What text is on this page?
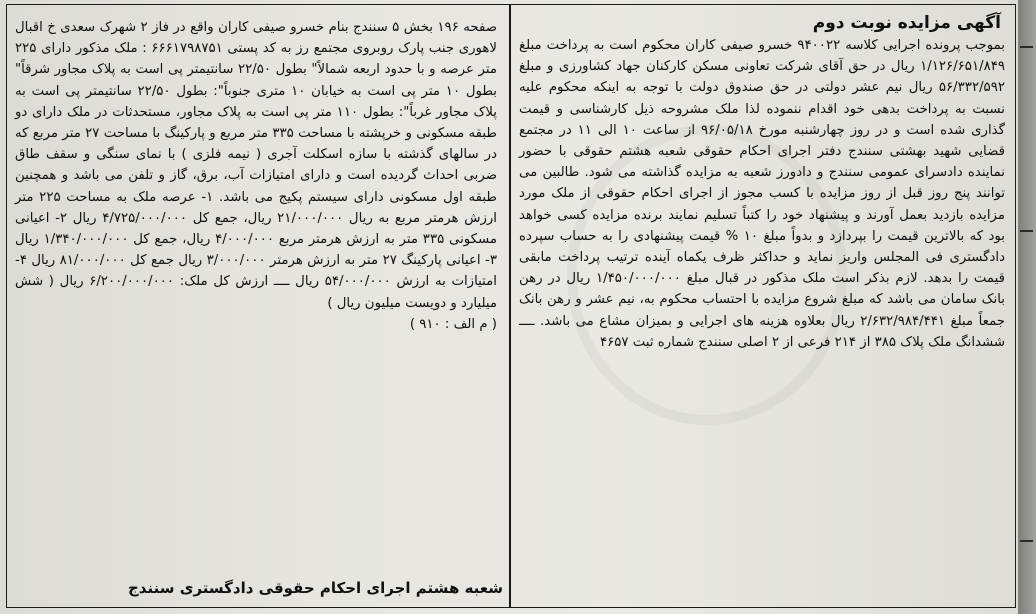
آگهی مزایده نوبت دوم

بموجب پرونده اجرایی کلاسه ۹۴۰۰۲۲ خسرو صیفی کاران محکوم است به پرداخت مبلغ ۱/۱۲۶/۶۵۱/۸۴۹ ریال در حق آقای شرکت تعاونی مسکن کارکنان جهاد کشاورزی و مبلغ ۵۶/۳۳۲/۵۹۲ ریال نیم عشر دولتی در حق صندوق دولت با توجه به اینکه محکوم علیه نسبت به پرداخت بدهی خود اقدام ننموده لذا ملک مشروحه ذیل کارشناسی و قیمت گذاری شده است و در روز چهارشنبه مورخ ۹۶/۰۵/۱۸ از ساعت ۱۰ الی ۱۱ در مجتمع قضایی شهید بهشتی سنندج دفتر اجرای احکام حقوقی شعبه هشتم حقوقی با حضور نماینده دادسرای عمومی سنندج و دادورز شعبه به مزایده گذاشته می شود. طالبین می توانند پنج روز قبل از روز مزایده با کسب مجوز از اجرای احکام حقوقی از ملک مورد مزایده بازدید بعمل آورند و پیشنهاد خود را کتباً تسلیم نمایند برنده مزایده کسی خواهد بود که بالاترین قیمت را بپردازد و بدواً مبلغ ۱۰ % قیمت پیشنهادی را به حساب سپرده دادگستری فی المجلس واریز نماید و حداکثر ظرف یکماه آینده ترتیب پرداخت مابقی قیمت را بدهد. لازم بذکر است ملک مذکور در قبال مبلغ ۱/۴۵۰/۰۰۰/۰۰۰ ریال در رهن بانک سامان می باشد که مبلغ شروع مزایده با احتساب محکوم به، نیم عشر و رهن بانک جمعاً مبلغ ۲/۶۳۲/۹۸۴/۴۴۱ ریال بعلاوه هزینه های اجرایی و بمیزان مشاع می باشد. ــــ ششدانگ ملک پلاک ۳۸۵ از ۲۱۴ فرعی از ۲ اصلی سنندج شماره ثبت ۴۶۵۷

صفحه ۱۹۶ بخش ۵ سنندج بنام خسرو صیفی کاران واقع در فاز ۲ شهرک سعدی خ اقبال لاهوری جنب پارک روبروی مجتمع رز به کد پستی ۶۶۶۱۷۹۸۷۵۱ : ملک مذکور دارای ۲۲۵ متر عرصه و با حدود اربعه شمالاً" بطول ۲۲/۵۰ سانتیمتر پی است به پلاک مجاور شرقاً" بطول ۱۰ متر پی است به خیابان ۱۰ متری جنوباً": بطول ۲۲/۵۰ سانتیمتر پی است به پلاک مجاور غرباً": بطول ۱۱۰ متر پی است به پلاک مجاور، مستحدثات در ملک دارای دو طبقه مسکونی و خرپشته با مساحت ۳۳۵ متر مربع و پارکینگ با مساحت ۲۷ متر مربع که در سالهای گذشته با سازه اسکلت آجری ( نیمه فلزی ) با نمای سنگی و سقف طاق ضربی احداث گردیده است و دارای امتیازات آب، برق، گاز و تلفن می باشد و همچنین طبقه اول مسکونی دارای سیستم پکیج می باشد. ۱- عرصه ملک به مساحت ۲۲۵ متر ارزش هرمتر مربع به ریال ۲۱/۰۰۰/۰۰۰ ریال، جمع کل ۴/۷۲۵/۰۰۰/۰۰۰ ریال ۲- اعیانی مسکونی ۳۳۵ متر به ارزش هرمتر مربع ۴/۰۰۰/۰۰۰ ریال، جمع کل ۱/۳۴۰/۰۰۰/۰۰۰ ریال ۳- اعیانی پارکینگ ۲۷ متر به ارزش هرمتر ۳/۰۰۰/۰۰۰ ریال جمع کل ۸۱/۰۰۰/۰۰۰ ریال ۴- امتیازات به ارزش ۵۴/۰۰۰/۰۰۰ ریال ــــ ارزش کل ملک: ۶/۲۰۰/۰۰۰/۰۰۰ ریال ( شش میلیارد و دویست میلیون ریال )

( م الف : ۹۱۰ )

شعبه هشتم اجرای احکام حقوقی دادگستری سنندج
